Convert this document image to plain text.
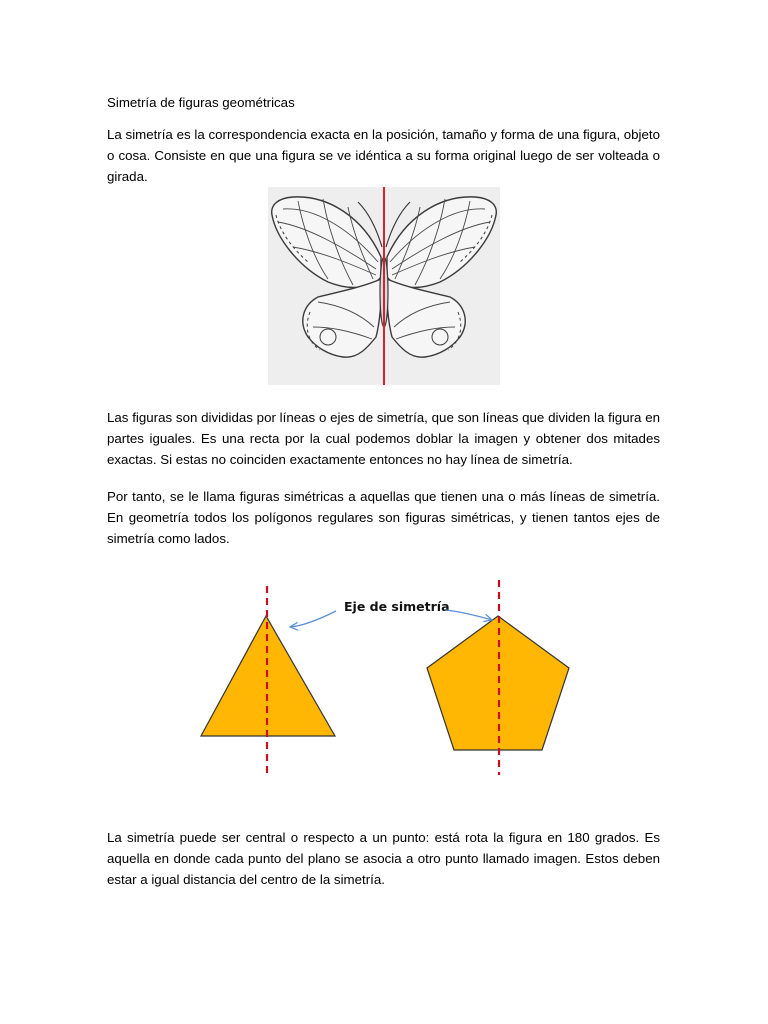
Simetría de figuras geométricas

La simetría es la correspondencia exacta en la posición, tamaño y forma de una figura, objeto o cosa. Consiste en que una figura se ve idéntica a su forma original luego de ser volteada o girada.

Las figuras son divididas por líneas o ejes de simetría, que son líneas que dividen la figura en partes iguales. Es una recta por la cual podemos doblar la imagen y obtener dos mitades exactas. Si estas no coinciden exactamente entonces no hay línea de simetría.

Por tanto, se le llama figuras simétricas a aquellas que tienen una o más líneas de simetría. En geometría todos los polígonos regulares son figuras simétricas, y tienen tantos ejes de simetría como lados.

Eje de simetría

La simetría puede ser central o respecto a un punto: está rota la figura en 180 grados. Es aquella en donde cada punto del plano se asocia a otro punto llamado imagen. Estos deben estar a igual distancia del centro de la simetría.
